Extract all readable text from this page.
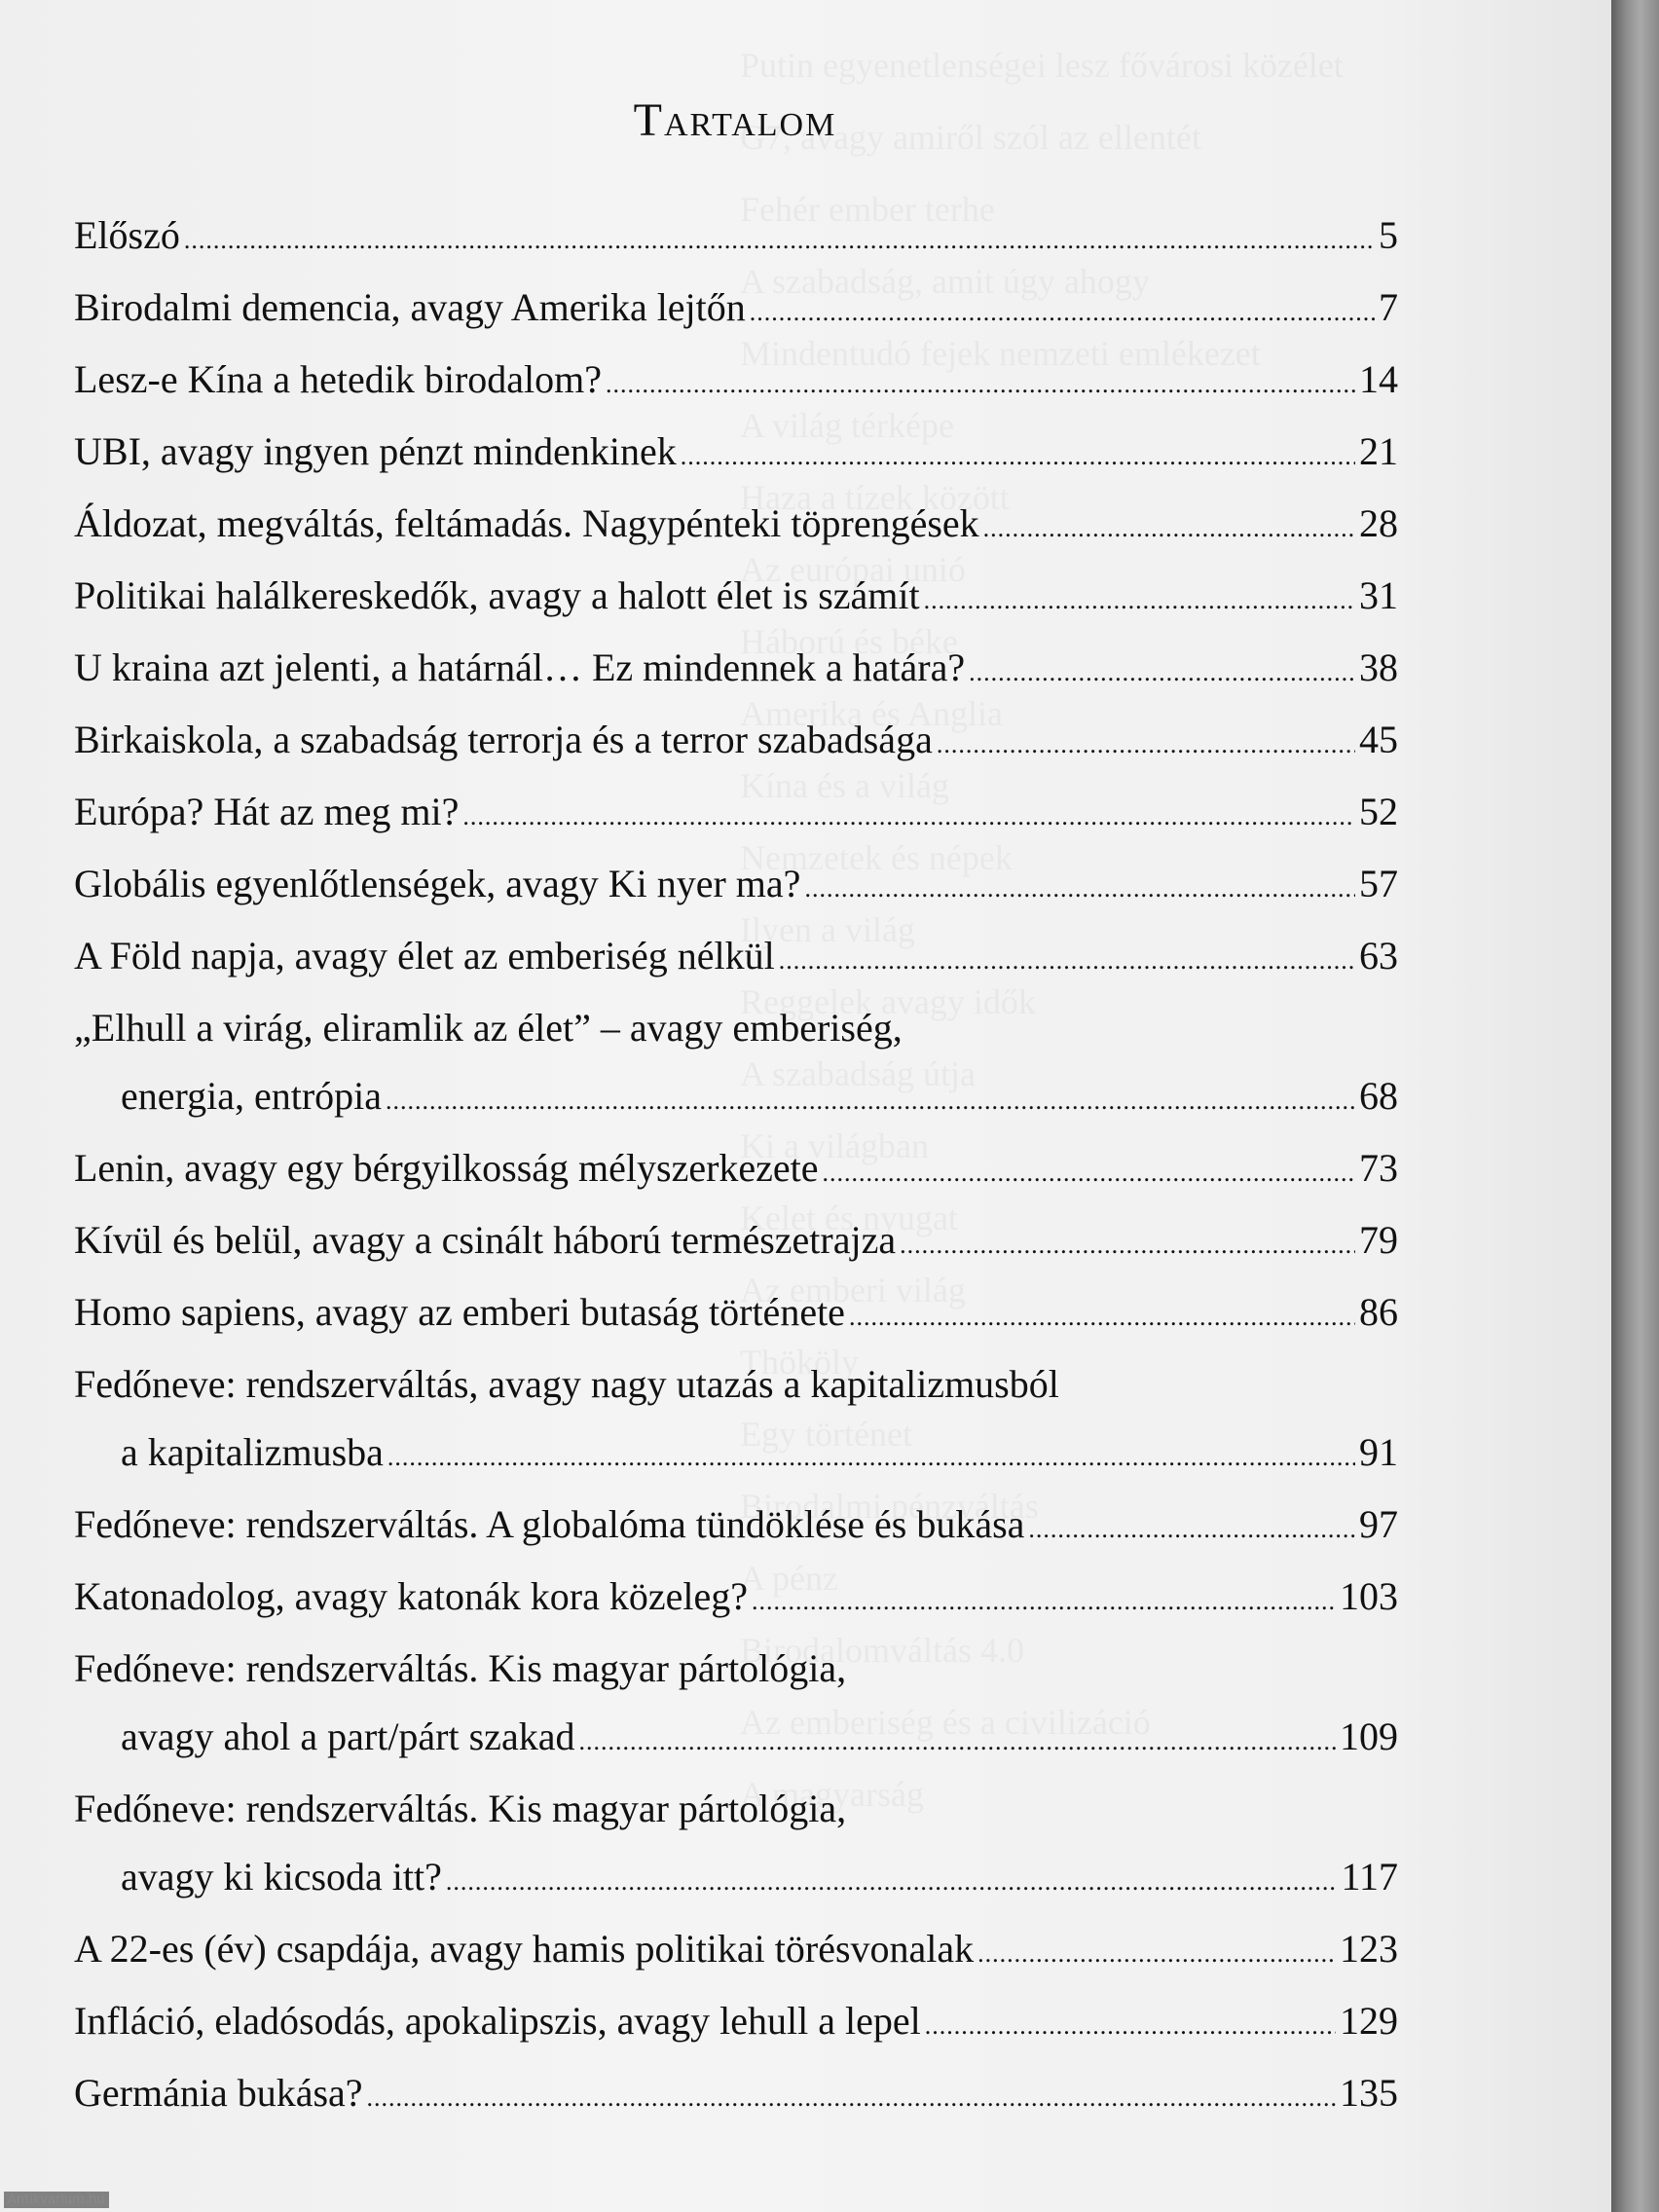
Tartalom
Előszó .....	5
Birodalmi demencia, avagy Amerika lejtőn .....	7
Lesz-e Kína a hetedik birodalom? .....	14
UBI, avagy ingyen pénzt mindenkinek .....	21
Áldozat, megváltás, feltámadás. Nagypénteki töprengések .....	28
Politikai halálkereskedők, avagy a halott élet is számít .....	31
U kraina azt jelenti, a határnál… Ez mindennek a határa? .....	38
Birkaiskola, a szabadság terrorja és a terror szabadsága .....	45
Európa? Hát az meg mi? .....	52
Globális egyenlőtlenségek, avagy Ki nyer ma? .....	57
A Föld napja, avagy élet az emberiség nélkül .....	63
„Elhull a virág, eliramlik az élet” – avagy emberiség,
energia, entrópia .....	68
Lenin, avagy egy bérgyilkosság mélyszerkezete .....	73
Kívül és belül, avagy a csinált háború természetrajza .....	79
Homo sapiens, avagy az emberi butaság története .....	86
Fedőneve: rendszerváltás, avagy nagy utazás a kapitalizmusból
a kapitalizmusba .....	91
Fedőneve: rendszerváltás. A globalóma tündöklése és bukása .....	97
Katonadolog, avagy katonák kora közeleg? .....	103
Fedőneve: rendszerváltás. Kis magyar pártológia,
avagy ahol a part/párt szakad .....	109
Fedőneve: rendszerváltás. Kis magyar pártológia,
avagy ki kicsoda itt? .....	117
A 22-es (év) csapdája, avagy hamis politikai törésvonalak .....	123
Infláció, eladósodás, apokalipszis, avagy lehull a lepel .....	129
Germánia bukása? .....	135
Antikvarium.hu
